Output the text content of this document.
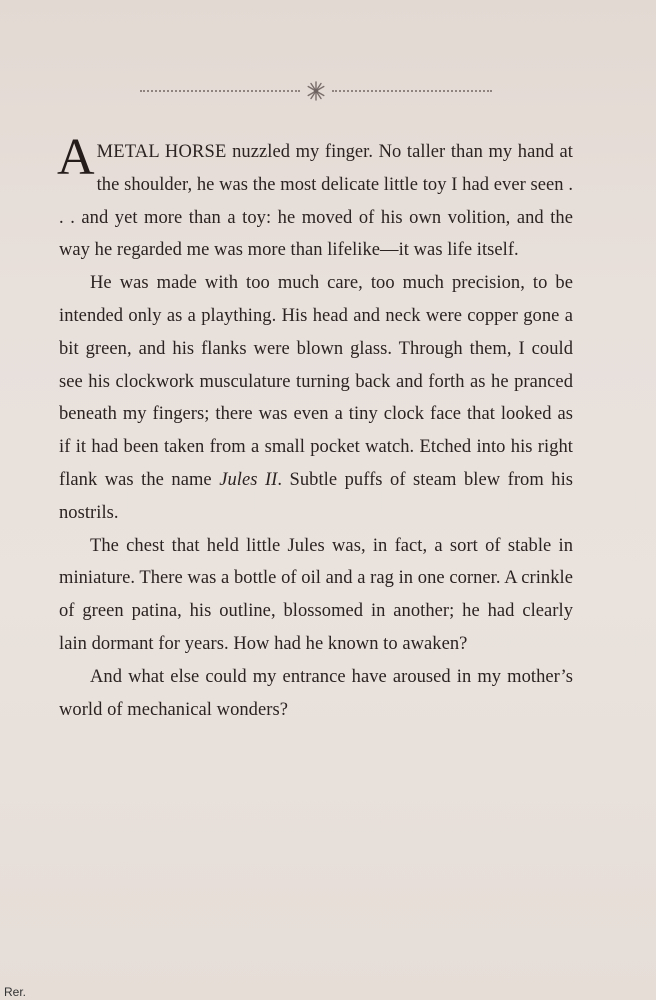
AMETAL HORSE nuzzled my finger. No taller than my hand at the shoulder, he was the most delicate little toy I had ever seen . . . and yet more than a toy: he moved of his own volition, and the way he regarded me was more than lifelike—it was life itself.

He was made with too much care, too much precision, to be intended only as a plaything. His head and neck were copper gone a bit green, and his flanks were blown glass. Through them, I could see his clockwork musculature turning back and forth as he pranced beneath my fingers; there was even a tiny clock face that looked as if it had been taken from a small pocket watch. Etched into his right flank was the name Jules II. Subtle puffs of steam blew from his nostrils.

The chest that held little Jules was, in fact, a sort of stable in miniature. There was a bottle of oil and a rag in one corner. A crinkle of green patina, his outline, blossomed in another; he had clearly lain dormant for years. How had he known to awaken?

And what else could my entrance have aroused in my mother’s world of mechanical wonders?

Rer.
